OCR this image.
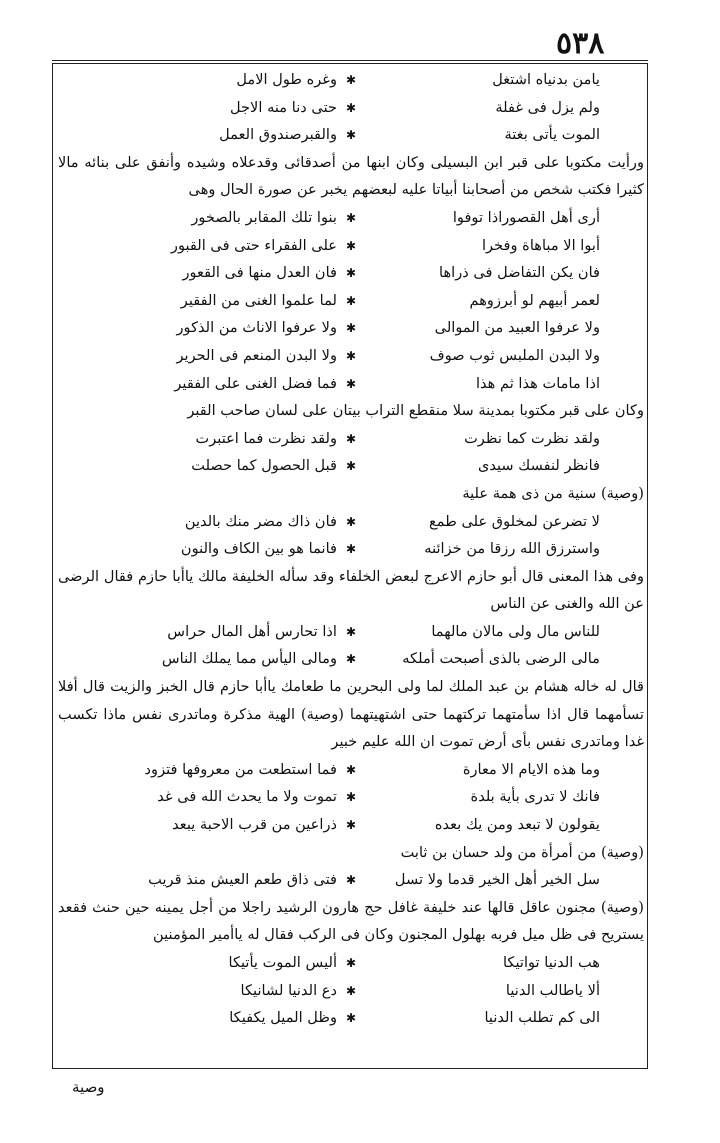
٥٣٨
يامن بدنياه اشتغل
✱
وغره طول الامل
ولم يزل فى غفلة
✱
حتى دنا منه الاجل
الموت يأتى بغتة
✱
والقبرصندوق العمل
ورأيت مكتوبا على قبر ابن البسيلى وكان ابنها من أصدقائى وقدعلاه وشيده وأنفق على بنائه مالا كثيرا فكتب شخص من أصحابنا أبياتا عليه لبعضهم يخبر عن صورة الحال وهى
أرى أهل القصوراذا توفوا
✱
بنوا تلك المقابر بالصخور
أبوا الا مباهاة وفخرا
✱
على الفقراء حتى فى القبور
فان يكن التفاضل فى ذراها
✱
فان العدل منها فى القعور
لعمر أبيهم لو أبرزوهم
✱
لما علموا الغنى من الفقير
ولا عرفوا العبيد من الموالى
✱
ولا عرفوا الاناث من الذكور
ولا البدن الملبس ثوب صوف
✱
ولا البدن المنعم فى الحرير
اذا مامات هذا ثم هذا
✱
فما فضل الغنى على الفقير
وكان على قبر مكتوبا بمدينة سلا منقطع التراب بيتان على لسان صاحب القبر
ولقد نظرت كما نظرت
✱
ولقد نظرت فما اعتبرت
فانظر لنفسك سيدى
✱
قبل الحصول كما حصلت
(وصية) سنية من ذى همة علية
لا تضرعن لمخلوق على طمع
✱
فان ذاك مضر منك بالدين
واسترزق الله رزقا من خزائنه
✱
فانما هو بين الكاف والنون
وفى هذا المعنى قال أبو حازم الاعرج لبعض الخلفاء وقد سأله الخليفة مالك ياأبا حازم فقال الرضى عن الله والغنى عن الناس
للناس مال ولى مالان مالهما
✱
اذا تحارس أهل المال حراس
مالى الرضى بالذى أصبحت أملكه
✱
ومالى اليأس مما يملك الناس
قال له خاله هشام بن عبد الملك لما ولى البحرين ما طعامك ياأبا حازم قال الخبز والزيت قال أفلا تسأمهما قال اذا سأمتهما تركتهما حتى اشتهيتهما (وصية) الهية مذكرة وماتدرى نفس ماذا تكسب غدا وماتدرى نفس بأى أرض تموت ان الله عليم خبير
وما هذه الايام الا معارة
✱
فما استطعت من معروفها فتزود
فانك لا تدرى بأية بلدة
✱
تموت ولا ما يحدث الله فى غد
يقولون لا تبعد ومن يك بعده
✱
ذراعين من قرب الاحبة يبعد
(وصية) من أمرأة من ولد حسان بن ثابت
سل الخير أهل الخير قدما ولا تسل
✱
فتى ذاق طعم العيش منذ قريب
(وصية) مجنون عاقل قالها عند خليفة غافل حج هارون الرشيد راجلا من أجل يمينه حين حنث فقعد يستريح فى ظل ميل فربه بهلول المجنون وكان فى الركب فقال له ياأمير المؤمنين
هب الدنيا تواتيكا
✱
أليس الموت يأتيكا
ألا ياطالب الدنيا
✱
دع الدنيا لشانيكا
الى كم تطلب الدنيا
✱
وظل الميل يكفيكا
وصية
